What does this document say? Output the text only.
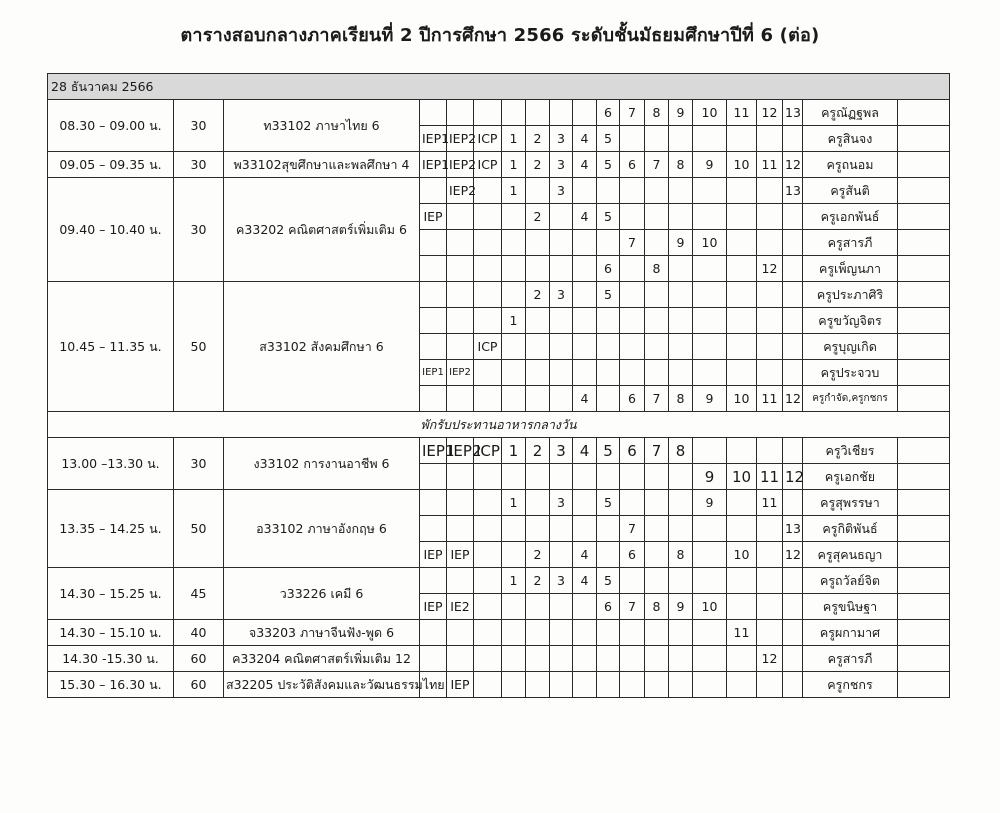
ตารางสอบกลางภาคเรียนที่ 2 ปีการศึกษา 2566 ระดับชั้นมัธยมศึกษาปีที่ 6 (ต่อ)
28 ธันวาคม 2566																			
08.30 – 09.00 น.	30	ท33102 ภาษาไทย 6								6	7	8	9	10	11	12	13	ครูณัฏฐพล	
			IEP1	IEP2	ICP	1	2	3	4	5								ครูสินจง	
09.05 – 09.35 น.	30	พ33102สุขศึกษาและพลศึกษา 4	IEP1	IEP2	ICP	1	2	3	4	5	6	7	8	9	10	11	12	ครูถนอม	
09.40 – 10.40 น.	30	ค33202 คณิตศาสตร์เพิ่มเติม 6		IEP2		1		3									13	ครูสันติ	
			IEP				2		4	5								ครูเอกพันธ์	
											7		9	10				ครูสารภี	
										6		8				12		ครูเพ็ญนภา	
10.45 – 11.35 น.	50	ส33102 สังคมศึกษา 6					2	3		5								ครูประภาศิริ	
						1												ครูขวัญจิตร	
					ICP													ครูบุญเกิด	
			IEP1	IEP2														ครูประจวบ	
									4		6	7	8	9	10	11	12	ครูกำจัด,ครูกชกร	
พักรับประทานอาหารกลางวัน																			
13.00 –13.30 น.	30	ง33102 การงานอาชีพ 6	IEP1	IEP2	ICP	1	2	3	4	5	6	7	8					ครูวิเชียร	
														9	10	11	12	ครูเอกชัย	
13.35 – 14.25 น.	50	อ33102 ภาษาอังกฤษ 6				1		3		5				9		11		ครูสุพรรษา	
											7						13	ครูกิติพันธ์	
			IEP	IEP			2		4		6		8		10		12	ครูสุคนธญา	
14.30 – 15.25 น.	45	ว33226 เคมี 6				1	2	3	4	5								ครูถวัลย์จิต	
			IEP	IE2						6	7	8	9	10				ครูขนิษฐา	
14.30 – 15.10 น.	40	จ33203 ภาษาจีนฟัง-พูด 6													11			ครูผกามาศ	
14.30 -15.30 น.	60	ค33204 คณิตศาสตร์เพิ่มเติม 12														12		ครูสารภี	
15.30 – 16.30 น.	60	ส32205 ประวัติสังคมและวัฒนธรรมไทย		IEP														ครูกชกร	
